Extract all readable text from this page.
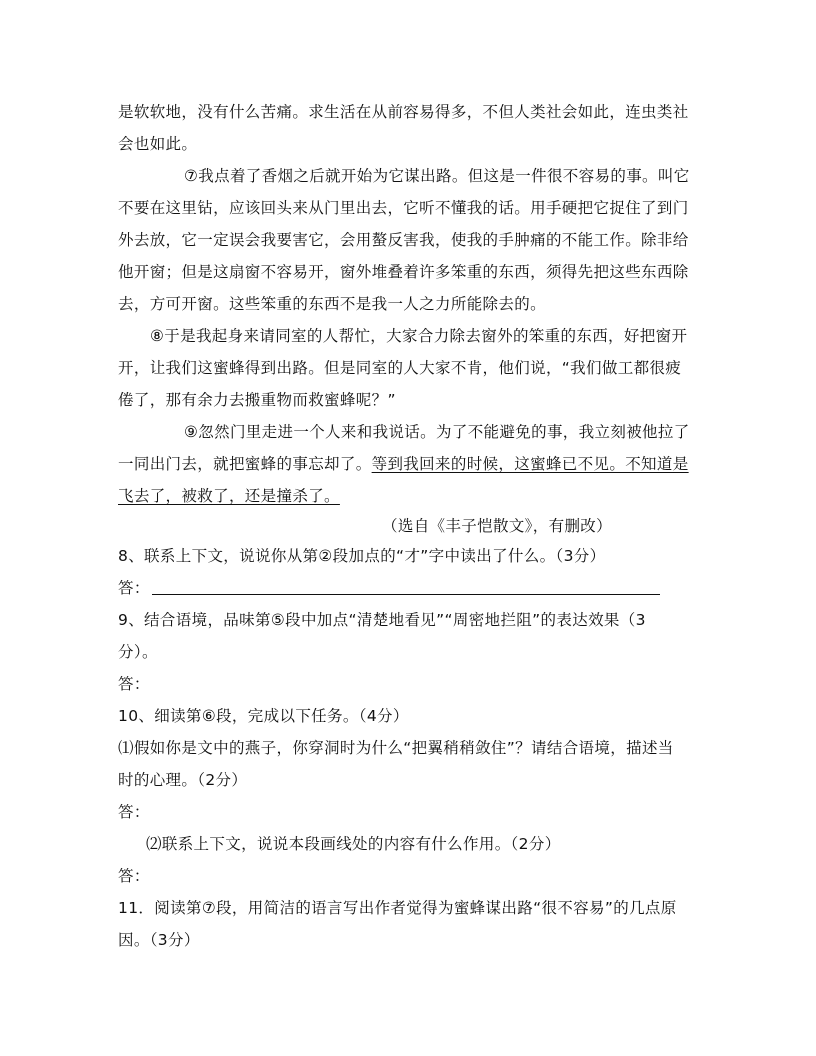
是软软地，没有什么苦痛。求生活在从前容易得多，不但人类社会如此，连虫类社
会也如此。
⑦我点着了香烟之后就开始为它谋出路。但这是一件很不容易的事。叫它
不要在这里钻，应该回头来从门里出去，它听不懂我的话。用手硬把它捉住了到门
外去放，它一定误会我要害它，会用螯反害我，使我的手肿痛的不能工作。除非给
他开窗；但是这扇窗不容易开，窗外堆叠着许多笨重的东西，须得先把这些东西除
去，方可开窗。这些笨重的东西不是我一人之力所能除去的。
⑧于是我起身来请同室的人帮忙，大家合力除去窗外的笨重的东西，好把窗开
开，让我们这蜜蜂得到出路。但是同室的人大家不肯，他们说，“我们做工都很疲
倦了，那有余力去搬重物而救蜜蜂呢？”
⑨忽然门里走进一个人来和我说话。为了不能避免的事，我立刻被他拉了
一同出门去，就把蜜蜂的事忘却了。等到我回来的时候，这蜜蜂已不见。不知道是
飞去了，被救了，还是撞杀了。
（选自《丰子恺散文》，有删改）
8、联系上下文，说说你从第②段加点的“才”字中读出了什么。（3分）
答：
9、结合语境，品味第⑤段中加点“清楚地看见”“周密地拦阻”的表达效果（3
分）。
答：
10、细读第⑥段，完成以下任务。（4分）
⑴假如你是文中的燕子，你穿洞时为什么“把翼稍稍敛住”？请结合语境，描述当
时的心理。（2分）
答：
⑵联系上下文，说说本段画线处的内容有什么作用。（2分）
答：
11．阅读第⑦段，用简洁的语言写出作者觉得为蜜蜂谋出路“很不容易”的几点原
因。（3分）
